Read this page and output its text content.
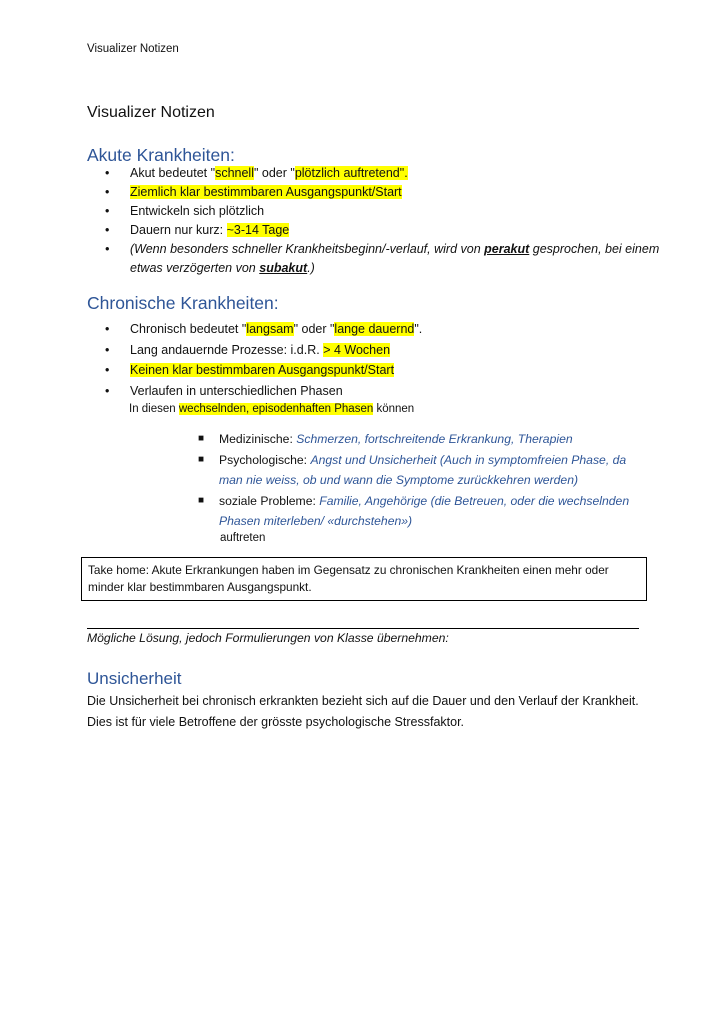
Visualizer Notizen
Visualizer Notizen
Akute Krankheiten:
• Akut bedeutet "schnell" oder "plötzlich auftretend".
• Ziemlich klar bestimmbaren Ausgangspunkt/Start
• Entwickeln sich plötzlich
• Dauern nur kurz: ~3-14 Tage
• (Wenn besonders schneller Krankheitsbeginn/-verlauf, wird von perakut gesprochen, bei einem etwas verzögerten von subakut.)
Chronische Krankheiten:
• Chronisch bedeutet "langsam" oder "lange dauernd".
• Lang andauernde Prozesse: i.d.R. > 4 Wochen
• Keinen klar bestimmbaren Ausgangspunkt/Start
• Verlaufen in unterschiedlichen Phasen
In diesen wechselnden, episodenhaften Phasen können
■ Medizinische: Schmerzen, fortschreitende Erkrankung, Therapien
■ Psychologische: Angst und Unsicherheit (Auch in symptomfreien Phase, da man nie weiss, ob und wann die Symptome zurückkehren werden)
■ soziale Probleme: Familie, Angehörige (die Betreuen, oder die wechselnden Phasen miterleben/ «durchstehen»)
auftreten
Take home: Akute Erkrankungen haben im Gegensatz zu chronischen Krankheiten einen mehr oder minder klar bestimmbaren Ausgangspunkt.
Mögliche Lösung, jedoch Formulierungen von Klasse übernehmen:
Unsicherheit
Die Unsicherheit bei chronisch erkrankten bezieht sich auf die Dauer und den Verlauf der Krankheit. Dies ist für viele Betroffene der grösste psychologische Stressfaktor.
